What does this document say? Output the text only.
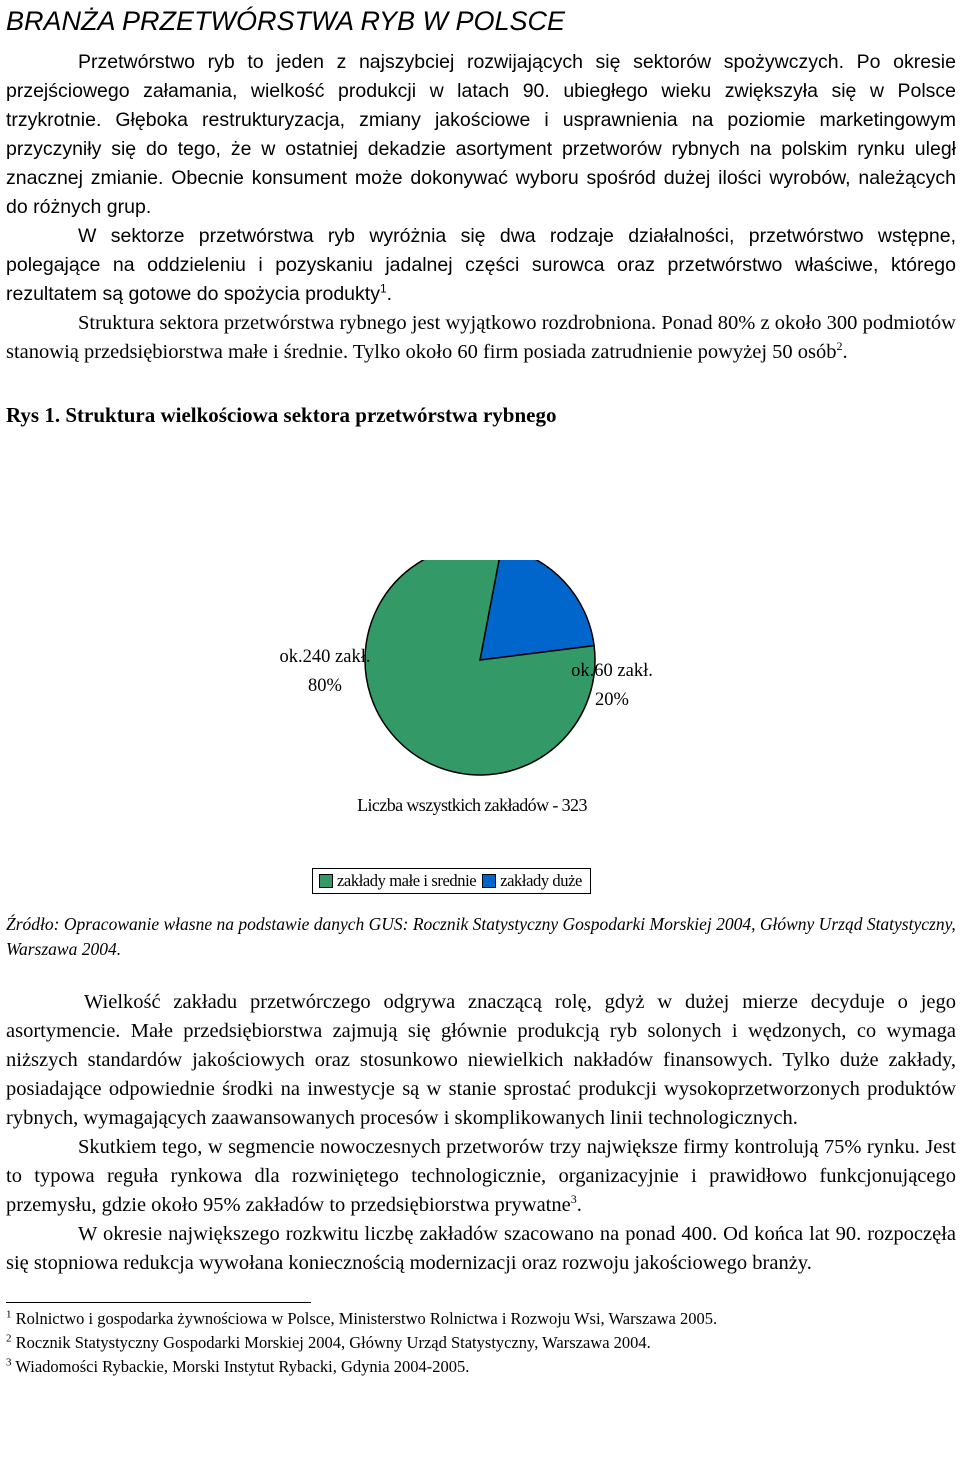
BRANŻA PRZETWÓRSTWA RYB W POLSCE

Przetwórstwo ryb to jeden z najszybciej rozwijających się sektorów spożywczych. Po okresie przejściowego załamania, wielkość produkcji w latach 90. ubiegłego wieku zwiększyła się w Polsce trzykrotnie. Głęboka restrukturyzacja, zmiany jakościowe i usprawnienia na poziomie marketingowym przyczyniły się do tego, że w ostatniej dekadzie asortyment przetworów rybnych na polskim rynku uległ znacznej zmianie. Obecnie konsument może dokonywać wyboru spośród dużej ilości wyrobów, należących do różnych grup.

W sektorze przetwórstwa ryb wyróżnia się dwa rodzaje działalności, przetwórstwo wstępne, polegające na oddzieleniu i pozyskaniu jadalnej części surowca oraz przetwórstwo właściwe, którego rezultatem są gotowe do spożycia produkty$^1$.

Struktura sektora przetwórstwa rybnego jest wyjątkowo rozdrobniona. Ponad 80% z około 300 podmiotów stanowią przedsiębiorstwa małe i średnie. Tylko około 60 firm posiada zatrudnienie powyżej 50 osób$^2$.

Rys 1. Struktura wielkościowa sektora przetwórstwa rybnego

ok.240 zakł.
80%
ok.60 zakł.
20%
Liczba wszystkich zakładów - 323
zakłady małe i srednie zakłady duże

Źródło: Opracowanie własne na podstawie danych GUS: Rocznik Statystyczny Gospodarki Morskiej 2004, Główny Urząd Statystyczny, Warszawa 2004.

Wielkość zakładu przetwórczego odgrywa znaczącą rolę, gdyż w dużej mierze decyduje o jego asortymencie. Małe przedsiębiorstwa zajmują się głównie produkcją ryb solonych i wędzonych, co wymaga niższych standardów jakościowych oraz stosunkowo niewielkich nakładów finansowych. Tylko duże zakłady, posiadające odpowiednie środki na inwestycje są w stanie sprostać produkcji wysokoprzetworzonych produktów rybnych, wymagających zaawansowanych procesów i skomplikowanych linii technologicznych.

Skutkiem tego, w segmencie nowoczesnych przetworów trzy największe firmy kontrolują 75% rynku. Jest to typowa reguła rynkowa dla rozwiniętego technologicznie, organizacyjnie i prawidłowo funkcjonującego przemysłu, gdzie około 95% zakładów to przedsiębiorstwa prywatne$^3$.

W okresie największego rozkwitu liczbę zakładów szacowano na ponad 400. Od końca lat 90. rozpoczęła się stopniowa redukcja wywołana koniecznością modernizacji oraz rozwoju jakościowego branży.

$^1$ Rolnictwo i gospodarka żywnościowa w Polsce, Ministerstwo Rolnictwa i Rozwoju Wsi, Warszawa 2005.

$^2$ Rocznik Statystyczny Gospodarki Morskiej 2004, Główny Urząd Statystyczny, Warszawa 2004.

$^3$ Wiadomości Rybackie, Morski Instytut Rybacki, Gdynia 2004-2005.
